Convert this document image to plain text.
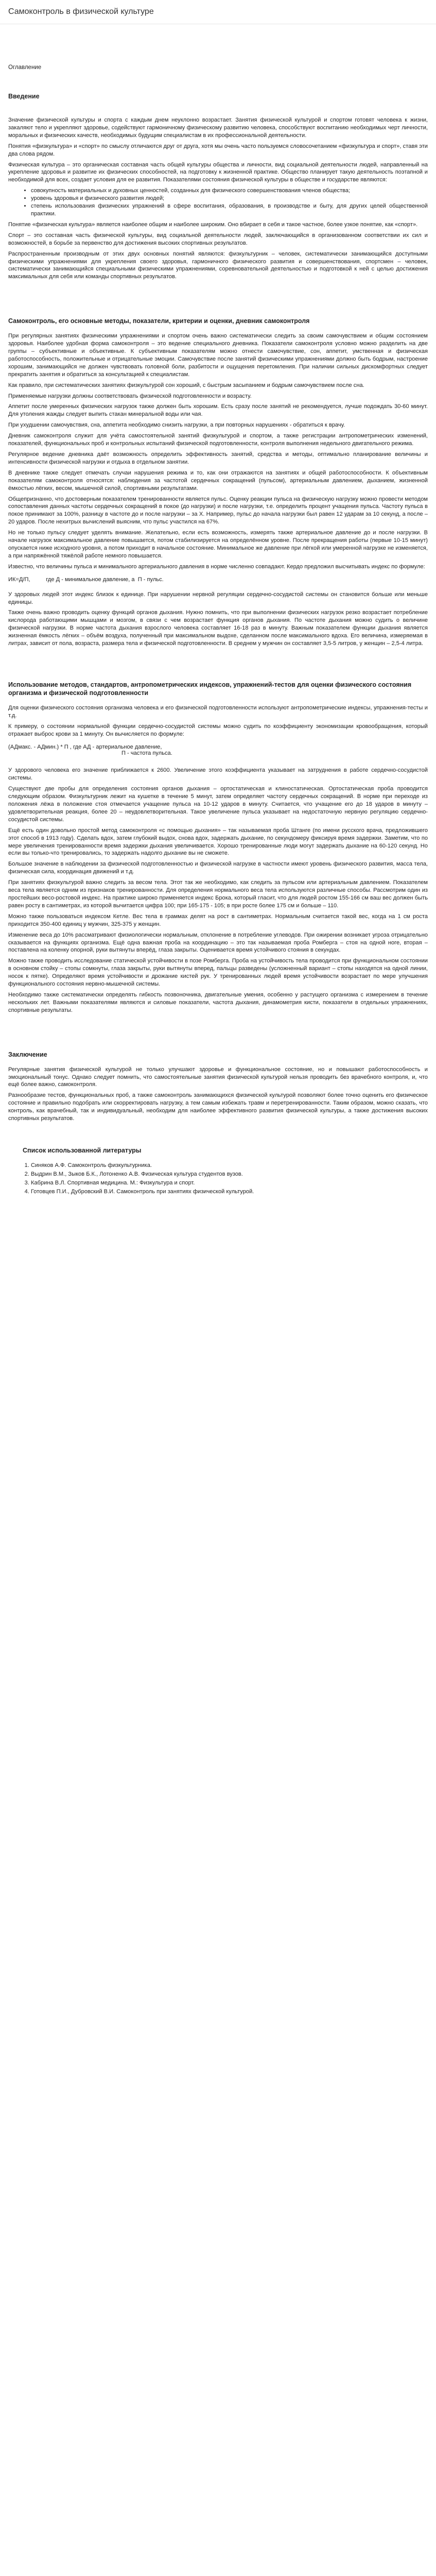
Самоконтроль в физической культуре
Оглавление
Введение

Значение физической культуры и спорта с каждым днем неуклонно возрастает. Занятия физической культурой и спортом готовят человека к жизни, закаляют тело и укрепляют здоровье, содействуют гармоничному физическому развитию человека, способствуют воспитанию необходимых черт личности, моральных и физических качеств, необходимых будущим специалистам в их профессиональной деятельности.

Понятия «физкультура» и «спорт» по смыслу отличаются друг от друга, хотя мы очень часто пользуемся словосочетанием «физкультура и спорт», ставя эти два слова рядом.

Физическая культура – это органическая составная часть общей культуры общества и личности, вид социальной деятельности людей, направленный на укрепление здоровья и развитие их физических способностей, на подготовку к жизненной практике. Общество планирует такую деятельность поэтапной и необходимой для всех, создает условия для ее развития. Показателями состояния физической культуры в обществе и государстве являются:

• совокупность материальных и духовных ценностей, созданных для физического совершенствования членов общества;
• уровень здоровья и физического развития людей;
• степень использования физических упражнений в сфере воспитания, образования, в производстве и быту, для других целей общественной практики.

Понятие «физическая культура» является наиболее общим и наиболее широким. Оно вбирает в себя и такое частное, более узкое понятие, как «спорт».

Спорт – это составная часть физической культуры, вид социальной деятельности людей, заключающийся в организованном соответствии их сил и возможностей, в борьбе за первенство для достижения высоких спортивных результатов.

Распространенным производным от этих двух основных понятий являются: физкультурник – человек, систематически занимающийся доступными физическими упражнениями для укрепления своего здоровья, гармоничного физического развития и совершенствования, спортсмен – человек, систематически занимающийся специальными физическими упражнениями, соревновательной деятельностью и подготовкой к ней с целью достижения максимальных для себя или команды спортивных результатов.

Самоконтроль, его основные методы, показатели, критерии и оценки, дневник самоконтроля

При регулярных занятиях физическими упражнениями и спортом очень важно систематически следить за своим самочувствием и общим состоянием здоровья. Наиболее удобная форма самоконтроля – это ведение специального дневника. Показатели самоконтроля условно можно разделить на две группы – субъективные и объективные. К субъективным показателям можно отнести самочувствие, сон, аппетит, умственная и физическая работоспособность, положительные и отрицательные эмоции. Самочувствие после занятий физическими упражнениями должно быть бодрым, настроение хорошим, занимающийся не должен чувствовать головной боли, разбитости и ощущения перетомления. При наличии сильных дискомфортных следует прекратить занятия и обратиться за консультацией к специалистам.

Как правило, при систематических занятиях физкультурой сон хороший, с быстрым засыпанием и бодрым самочувствием после сна.

Применяемые нагрузки должны соответствовать физической подготовленности и возрасту.

Аппетит после умеренных физических нагрузок также должен быть хорошим. Есть сразу после занятий не рекомендуется, лучше подождать 30-60 минут. Для утоления жажды следует выпить стакан минеральной воды или чая.

При ухудшении самочувствия, сна, аппетита необходимо снизить нагрузки, а при повторных нарушениях - обратиться к врачу.

Дневник самоконтроля служит для учёта самостоятельной занятий физкультурой и спортом, а также регистрации антропометрических изменений, показателей, функциональных проб и контрольных испытаний физической подготовленности, контроля выполнения недельного двигательного режима.

Регулярное ведение дневника даёт возможность определить эффективность занятий, средства и методы, оптимально планирование величины и интенсивности физической нагрузки и отдыха в отдельном занятии.

В дневнике также следует отмечать случаи нарушения режима и то, как они отражаются на занятиях и общей работоспособности. К объективным показателям самоконтроля относятся: наблюдения за частотой сердечных сокращений (пульсом), артериальным давлением, дыханием, жизненной ёмкостью лёгких, весом, мышечной силой, спортивными результатами.

Общепризнанно, что достоверным показателем тренированности является пульс. Оценку реакции пульса на физическую нагрузку можно провести методом сопоставления данных частоты сердечных сокращений в покое (до нагрузки) и после нагрузки, т.е. определить процент учащения пульса. Частоту пульса в покое принимают за 100%, разницу в частоте до и после нагрузки – за Х. Например, пульс до начала нагрузки был равен 12 ударам за 10 секунд, а после – 20 ударов. После нехитрых вычислений выясним, что пульс участился на 67%.

Но не только пульсу следует уделять внимание. Желательно, если есть возможность, измерять также артериальное давление до и после нагрузки. В начале нагрузок максимальное давление повышается, потом стабилизируется на определённом уровне. После прекращения работы (первые 10-15 минут) опускается ниже исходного уровня, а потом приходит в начальное состояние. Минимальное же давление при лёгкой или умеренной нагрузке не изменяется, а при напряжённой тяжёлой работе немного повышается.

Известно, что величины пульса и минимального артериального давления в норме численно совпадают. Кердо предложил высчитывать индекс по формуле:

ИК=Д/П,          где Д - минимальное давление, а  П - пульс.

У здоровых людей этот индекс близок к единице. При нарушении нервной регуляции сердечно-сосудистой системы он становится больше или меньше единицы.

Также очень важно проводить оценку функций органов дыхания. Нужно помнить, что при выполнении физических нагрузок резко возрастает потребление кислорода работающими мышцами и мозгом, в связи с чем возрастает функция органов дыхания. По частоте дыхания можно судить о величине физической нагрузки. В норме частота дыхания взрослого человека составляет 16-18 раз в минуту. Важным показателем функции дыхания является жизненная ёмкость лёгких – объём воздуха, полученный при максимальном выдохе, сделанном после максимального вдоха. Его величина, измеряемая в литрах, зависит от пола, возраста, размера тела и физической подготовленности. В среднем у мужчин он составляет 3,5-5 литров, у женщин – 2,5-4 литра.

Использование методов, стандартов, антропометрических индексов, упражнений-тестов для оценки физического состояния организма и физической подготовленности

Для оценки физического состояния организма человека и его физической подготовленности используют антропометрические индексы, упражнения-тесты и т.д.

К примеру, о состоянии нормальной функции сердечно-сосудистой системы можно судить по коэффициенту экономизации кровообращения, который отражает выброс крови за 1 минуту. Он вычисляется по формуле:

(АДмакс. - АДмин.) * П , где АД - артериальное давление,

П - частота пульса.

У здорового человека его значение приближается к 2600. Увеличение этого коэффициента указывает на затруднения в работе сердечно-сосудистой системы.

Существуют две пробы для определения состояния органов дыхания – ортостатическая и клиностатическая. Ортостатическая проба проводится следующим образом. Физкультурник лежит на кушетке в течение 5 минут, затем определяет частоту сердечных сокращений. В норме при переходе из положения лёжа в положение стоя отмечается учащение пульса на 10-12 ударов в минуту. Считается, что учащение его до 18 ударов в минуту – удовлетворительная реакция, более 20 – неудовлетворительная. Такое увеличение пульса указывает на недостаточную нервную регуляцию сердечно-сосудистой системы.

Ещё есть один довольно простой метод самоконтроля «с помощью дыхания» – так называемая проба Штанге (по имени русского врача, предложившего этот способ в 1913 году). Сделать вдох, затем глубокий выдох, снова вдох, задержать дыхание, по секундомеру фиксируя время задержки. Заметим, что по мере увеличения тренированности время задержки дыхания увеличивается. Хорошо тренированные люди могут задержать дыхание на 60-120 секунд. Но если вы только-что тренировались, то задержать надолго дыхание вы не сможете.

Большое значение в наблюдении за физической подготовленностью и физической нагрузке в частности имеют уровень физического развития, масса тела, физическая сила, координация движений и т.д.

При занятиях физкультурой важно следить за весом тела. Этот так же необходимо, как следить за пульсом или артериальным давлением. Показателем веса тела является одним из признаков тренированности. Для определения нормального веса тела используются различные способы. Рассмотрим один из простейших весо-ростовой индекс. На практике широко применяется индекс Брока, который гласит, что для людей ростом 155-166 см ваш вес должен быть равен росту в сантиметрах, из которой вычитается цифра 100; при 165-175 - 105; в при росте более 175 см и больше – 110.

Можно также пользоваться индексом Кетле. Вес тела в граммах делят на рост в сантиметрах. Нормальным считается такой вес, когда на 1 см роста приходится 350-400 единиц у мужчин, 325-375 у женщин.

Изменение веса до 10% рассматривают физиологически нормальным, отклонение в потребление углеводов. При ожирении возникает угроза отрицательно сказывается на функциях организма. Ещё одна важная проба на координацию – это так называемая проба Ромберга – стоя на одной ноге, вторая – поставлена на коленку опорной, руки вытянуты вперёд, глаза закрыты. Оценивается время устойчивого стояния в секундах.

Можно также проводить исследование статической устойчивости в позе Ромберга. Проба на устойчивость тела проводится при функциональном состоянии в основном стойку – стопы сомкнуты, глаза закрыты, руки вытянуты вперед, пальцы разведены (усложненный вариант – стопы находятся на одной линии, носок к пятке). Определяют время устойчивости и дрожание кистей рук. У тренированных людей время устойчивости возрастает по мере улучшения функционального состояния нервно-мышечной системы.

Необходимо также систематически определять гибкость позвоночника, двигательные умения, особенно у растущего организма с измерением в течение нескольких лет. Важными показателями являются и силовые показатели, частота дыхания, динамометрия кисти, показатели в отдельных упражнениях, спортивные результаты.

Заключение

Регулярные занятия физической культурой не только улучшают здоровье и функциональное состояние, но и повышают работоспособность и эмоциональный тонус. Однако следует помнить, что самостоятельные занятия физической культурой нельзя проводить без врачебного контроля, и, что ещё более важно, самоконтроля.

Разнообразие тестов, функциональных проб, а также самоконтроль занимающихся физической культурой позволяют более точно оценить его физическое состояние и правильно подобрать или скорректировать нагрузку, а тем самым избежать травм и перетренированности. Таким образом, можно сказать, что контроль, как врачебный, так и индивидуальный, необходим для наиболее эффективного развития физической культуры, а также достижения высоких спортивных результатов.

Список использованной литературы
1. Синяков А.Ф. Самоконтроль физкультурника.
2. Выдрин В.М., Зыков Б.К., Лотоненко А.В. Физическая культура студентов вузов.
3. Кабрина В.Л. Спортивная медицина. М.: Физкультура и спорт.
4. Готовцев П.И., Дубровский В.И. Самоконтроль при занятиях физической культурой.
